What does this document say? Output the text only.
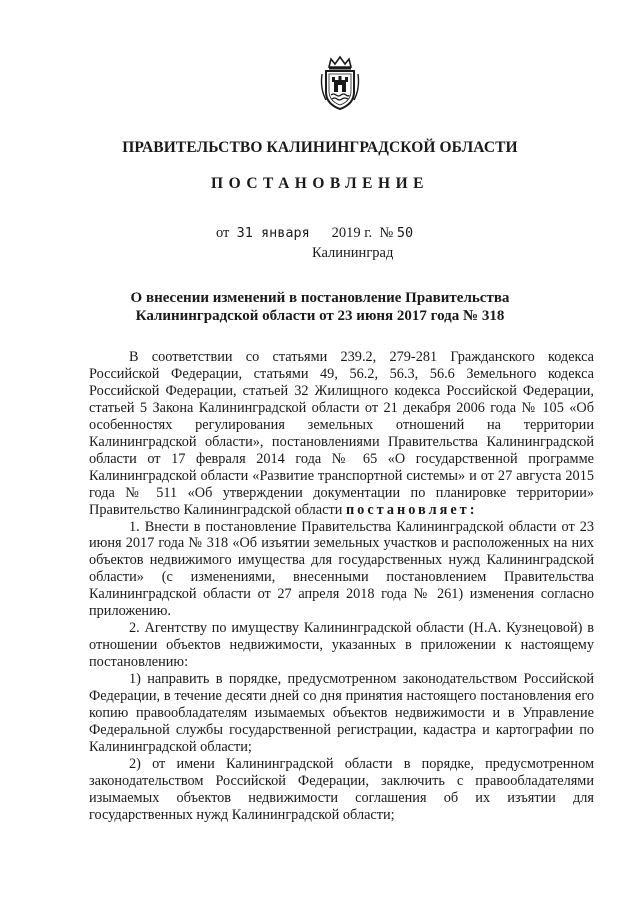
ПРАВИТЕЛЬСТВО КАЛИНИНГРАДСКОЙ ОБЛАСТИ
ПОСТАНОВЛЕНИЕ
от 31 января 2019 г. № 50
Калининград
О внесении изменений в постановление Правительства
Калининградской области от 23 июня 2017 года № 318

В соответствии со статьями 239.2, 279-281 Гражданского кодекса Российской Федерации, статьями 49, 56.2, 56.3, 56.6 Земельного кодекса Российской Федерации, статьей 32 Жилищного кодекса Российской Федерации, статьей 5 Закона Калининградской области от 21 декабря 2006 года № 105 «Об особенностях регулирования земельных отношений на территории Калининградской области», постановлениями Правительства Калининградской области от 17 февраля 2014 года № 65 «О государственной программе Калининградской области «Развитие транспортной системы» и от 27 августа 2015 года № 511 «Об утверждении документации по планировке территории» Правительство Калининградской области постановляет:

1. Внести в постановление Правительства Калининградской области от 23 июня 2017 года № 318 «Об изъятии земельных участков и расположенных на них объектов недвижимого имущества для государственных нужд Калининградской области» (с изменениями, внесенными постановлением Правительства Калининградской области от 27 апреля 2018 года № 261) изменения согласно приложению.

2. Агентству по имуществу Калининградской области (Н.А. Кузнецовой) в отношении объектов недвижимости, указанных в приложении к настоящему постановлению:

1) направить в порядке, предусмотренном законодательством Российской Федерации, в течение десяти дней со дня принятия настоящего постановления его копию правообладателям изымаемых объектов недвижимости и в Управление Федеральной службы государственной регистрации, кадастра и картографии по Калининградской области;

2) от имени Калининградской области в порядке, предусмотренном законодательством Российской Федерации, заключить с правообладателями изымаемых объектов недвижимости соглашения об их изъятии для государственных нужд Калининградской области;
